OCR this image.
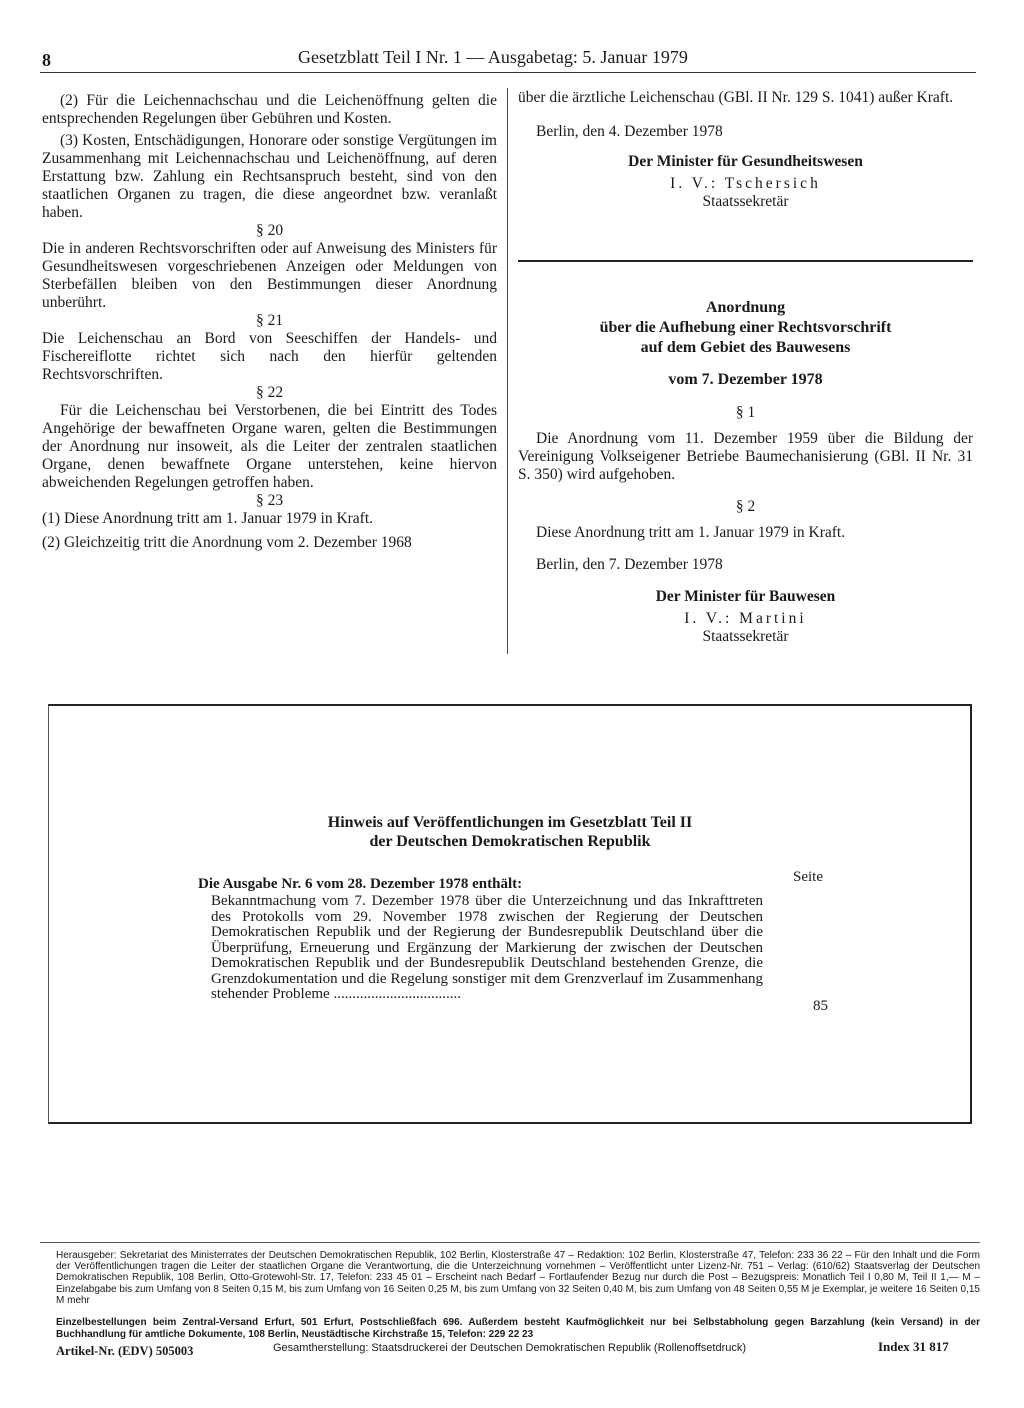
8	Gesetzblatt Teil I Nr. 1 — Ausgabetag: 5. Januar 1979

(2) Für die Leichennachschau und die Leichenöffnung gelten die entsprechenden Regelungen über Gebühren und Kosten.

(3) Kosten, Entschädigungen, Honorare oder sonstige Vergütungen im Zusammenhang mit Leichennachschau und Leichenöffnung, auf deren Erstattung bzw. Zahlung ein Rechtsanspruch besteht, sind von den staatlichen Organen zu tragen, die diese angeordnet bzw. veranlaßt haben.

§ 20

Die in anderen Rechtsvorschriften oder auf Anweisung des Ministers für Gesundheitswesen vorgeschriebenen Anzeigen oder Meldungen von Sterbefällen bleiben von den Bestimmungen dieser Anordnung unberührt.

§ 21

Die Leichenschau an Bord von Seeschiffen der Handels- und Fischereiflotte richtet sich nach den hierfür geltenden Rechtsvorschriften.

§ 22

Für die Leichenschau bei Verstorbenen, die bei Eintritt des Todes Angehörige der bewaffneten Organe waren, gelten die Bestimmungen der Anordnung nur insoweit, als die Leiter der zentralen staatlichen Organe, denen bewaffnete Organe unterstehen, keine hiervon abweichenden Regelungen getroffen haben.

§ 23

(1) Diese Anordnung tritt am 1. Januar 1979 in Kraft.

(2) Gleichzeitig tritt die Anordnung vom 2. Dezember 1968

über die ärztliche Leichenschau (GBl. II Nr. 129 S. 1041) außer Kraft.

Berlin, den 4. Dezember 1978

Der Minister für Gesundheitswesen

I. V.: Tschersich

Staatssekretär

Anordnung

über die Aufhebung einer Rechtsvorschrift

auf dem Gebiet des Bauwesens

vom 7. Dezember 1978

§ 1

Die Anordnung vom 11. Dezember 1959 über die Bildung der Vereinigung Volkseigener Betriebe Baumechanisierung (GBl. II Nr. 31 S. 350) wird aufgehoben.

§ 2

Diese Anordnung tritt am 1. Januar 1979 in Kraft.

Berlin, den 7. Dezember 1978

Der Minister für Bauwesen

I. V.: Martini

Staatssekretär

Hinweis auf Veröffentlichungen im Gesetzblatt Teil II
der Deutschen Demokratischen Republik
Die Ausgabe Nr. 6 vom 28. Dezember 1978 enthält:	Seite
Bekanntmachung vom 7. Dezember 1978 über die Unterzeichnung und das Inkrafttreten des Protokolls vom 29. November 1978 zwischen der Regierung der Deutschen Demokratischen Republik und der Regierung der Bundesrepublik Deutschland über die Überprüfung, Erneuerung und Ergänzung der Markierung der zwischen der Deutschen Demokratischen Republik und der Bundesrepublik Deutschland bestehenden Grenze, die Grenzdokumentation und die Regelung sonstiger mit dem Grenzverlauf im Zusammenhang stehender Probleme ..................................
85
Herausgeber: Sekretariat des Ministerrates der Deutschen Demokratischen Republik, 102 Berlin, Klosterstraße 47 – Redaktion: 102 Berlin, Klosterstraße 47, Telefon: 233 36 22 – Für den Inhalt und die Form der Veröffentlichungen tragen die Leiter der staatlichen Organe die Verantwortung, die die Unterzeichnung vornehmen – Veröffentlicht unter Lizenz-Nr. 751 – Verlag: (610/62) Staatsverlag der Deutschen Demokratischen Republik, 108 Berlin, Otto-Grotewohl-Str. 17, Telefon: 233 45 01 – Erscheint nach Bedarf – Fortlaufender Bezug nur durch die Post – Bezugspreis: Monatlich Teil I 0,80 M, Teil II 1,— M – Einzelabgabe bis zum Umfang von 8 Seiten 0,15 M, bis zum Umfang von 16 Seiten 0,25 M, bis zum Umfang von 32 Seiten 0,40 M, bis zum Umfang von 48 Seiten 0,55 M je Exemplar, je weitere 16 Seiten 0,15 M mehr
Einzelbestellungen beim Zentral-Versand Erfurt, 501 Erfurt, Postschließfach 696. Außerdem besteht Kaufmöglichkeit nur bei Selbstabholung gegen Barzahlung (kein Versand) in der Buchhandlung für amtliche Dokumente, 108 Berlin, Neustädtische Kirchstraße 15, Telefon: 229 22 23
Artikel-Nr. (EDV) 505003	Gesamtherstellung: Staatsdruckerei der Deutschen Demokratischen Republik (Rollenoffsetdruck)	Index 31 817
